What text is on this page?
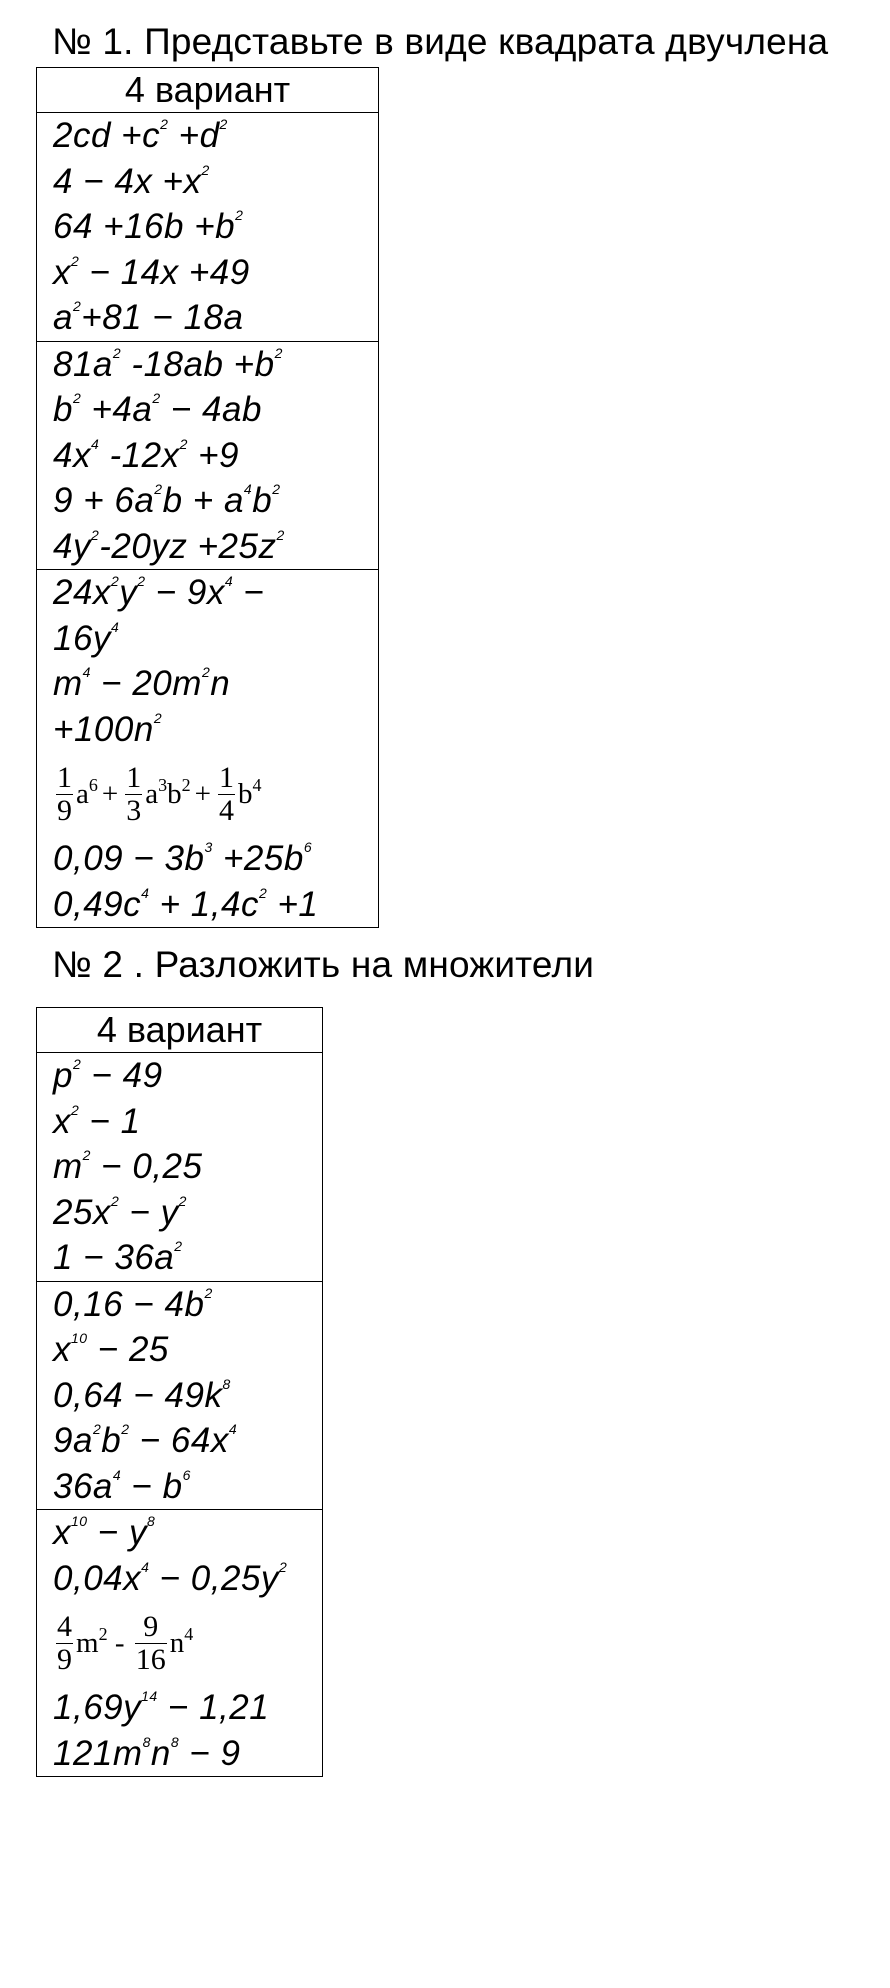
№ 1. Представьте в виде квадрата двучлена
4 вариант
$2cd +c^2 +d^2$
$4 - 4x +x^2$
$64 +16b +b^2$
$x^2 - 14x +49$
$a^2+81 - 18a$
$81a^2$ $-18ab +b^2$
$b^2 +4a^2 - 4ab$
$4x^4$ $-12x^2 +9$
$9 + 6a^2b + a^4b^2$
$4y^2-20yz +25z^2$
$24x^2y^2 - 9x^4$ −
$16y^4$
$m^4 - 20m^2n$
$+100n^2$
1
9 $a^6 + \frac{1}{3} a^3b^2 + \frac{1}{4} b^4$
$0,09 - 3b^3 +25b^6$
$0,49c^4 + 1,4c^2 +1$
№ 2 . Разложить на множители
4 вариант
$p^2 - 49$
$x^2 - 1$
$m^2 - 0,25$
$25x^2 - y^2$
$1 - 36a^2$
$0,16 - 4b^2$
$x^{10} - 25$
$0,64 - 49k^8$
$9a^2b^2 - 64x^4$
$36a^4 - b^6$
$x^{10} - y^8$
$0,04x^4 - 0,25y^2$
4
9 $m^2 - 9$
16 $n^4$
$1,69y^{14} - 1,21$
$121m^8n^8 - 9$
